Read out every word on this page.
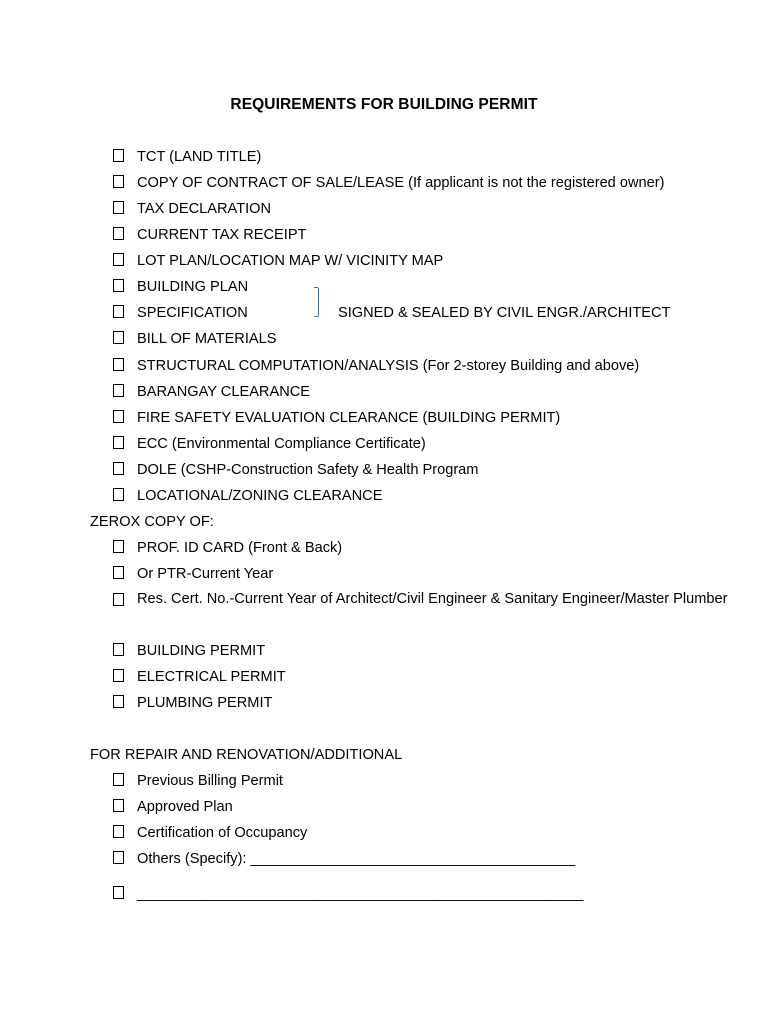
REQUIREMENTS FOR BUILDING PERMIT
TCT (LAND TITLE)
COPY OF CONTRACT OF SALE/LEASE (If applicant is not the registered owner)
TAX DECLARATION
CURRENT TAX RECEIPT
LOT PLAN/LOCATION MAP W/ VICINITY MAP
BUILDING PLAN
SPECIFICATION
BILL OF MATERIALS
SIGNED & SEALED BY CIVIL ENGR./ARCHITECT
STRUCTURAL COMPUTATION/ANALYSIS (For 2-storey Building and above)
BARANGAY CLEARANCE
FIRE SAFETY EVALUATION CLEARANCE (BUILDING PERMIT)
ECC (Environmental Compliance Certificate)
DOLE (CSHP-Construction Safety & Health Program
LOCATIONAL/ZONING CLEARANCE
ZEROX COPY OF:
PROF. ID CARD (Front & Back)
Or PTR-Current Year
Res. Cert. No.-Current Year of Architect/Civil Engineer & Sanitary Engineer/Master Plumber
BUILDING PERMIT
ELECTRICAL PERMIT
PLUMBING PERMIT
FOR REPAIR AND RENOVATION/ADDITIONAL
Previous Billing Permit
Approved Plan
Certification of Occupancy
Others (Specify): ________________________________________
_______________________________________________________
